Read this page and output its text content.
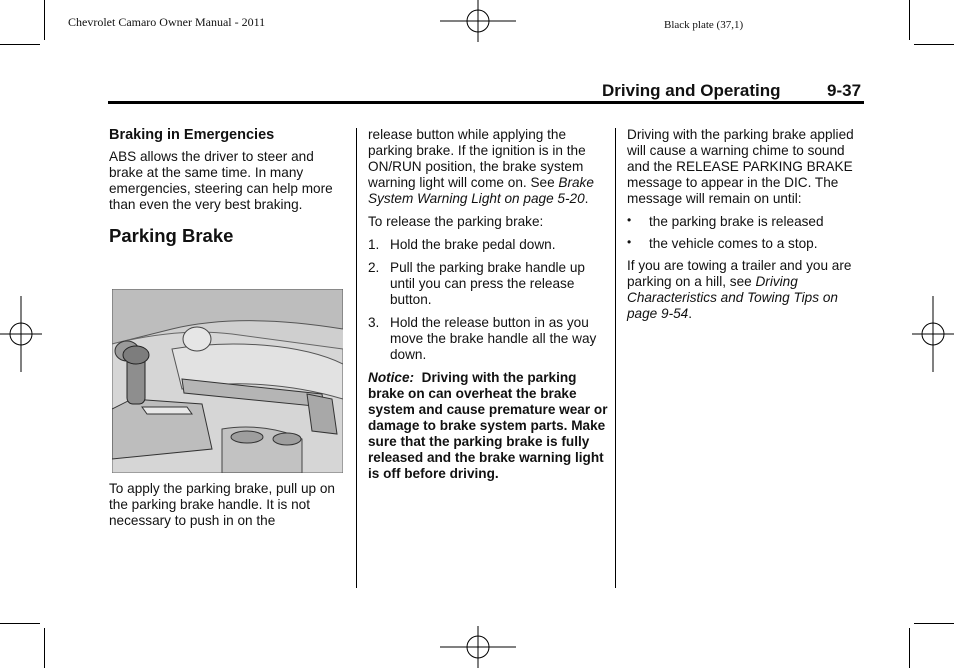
Chevrolet Camaro Owner Manual - 2011	Black plate (37,1)
Driving and Operating	9-37
Braking in Emergencies

ABS allows the driver to steer and brake at the same time. In many emergencies, steering can help more than even the very best braking.

Parking Brake

To apply the parking brake, pull up on the parking brake handle. It is not necessary to push in on the

release button while applying the parking brake. If the ignition is in the ON/RUN position, the brake system warning light will come on. See Brake System Warning Light on page 5-20.

To release the parking brake:

1. Hold the brake pedal down.
2. Pull the parking brake handle up until you can press the release button.
3. Hold the release button in as you move the brake handle all the way down.

Notice: Driving with the parking brake on can overheat the brake system and cause premature wear or damage to brake system parts. Make sure that the parking brake is fully released and the brake warning light is off before driving.

Driving with the parking brake applied will cause a warning chime to sound and the RELEASE PARKING BRAKE message to appear in the DIC. The message will remain on until:

• the parking brake is released
• the vehicle comes to a stop.

If you are towing a trailer and you are parking on a hill, see Driving Characteristics and Towing Tips on page 9-54.
